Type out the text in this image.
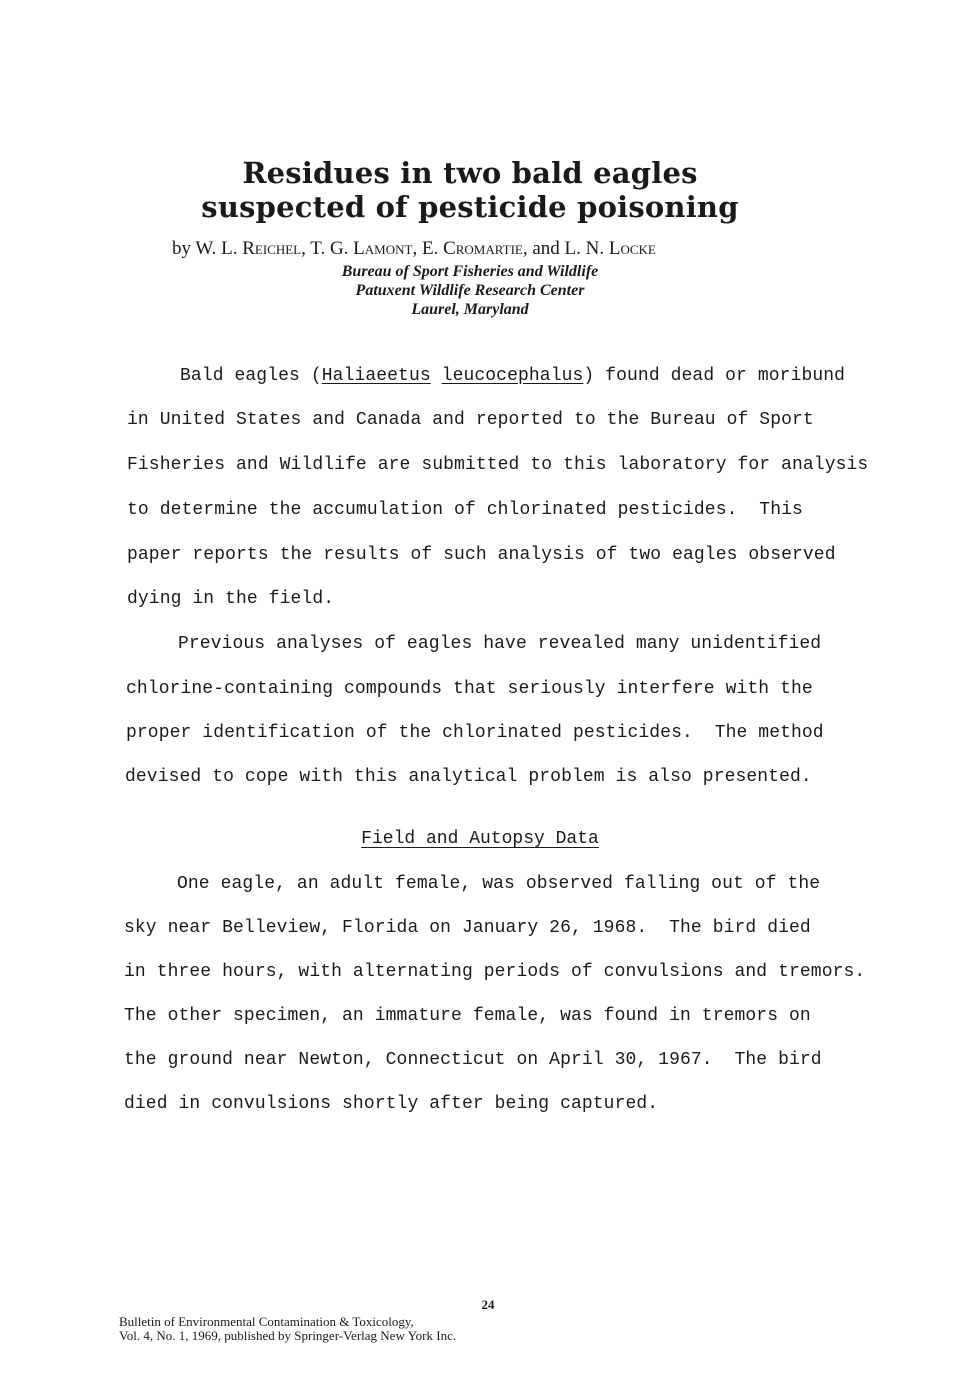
Residues in two bald eagles
suspected of pesticide poisoning
by W. L. Reichel, T. G. Lamont, E. Cromartie, and L. N. Locke
Bureau of Sport Fisheries and Wildlife
Patuxent Wildlife Research Center
Laurel, Maryland
Bald eagles (Haliaeetus leucocephalus) found dead or moribund
in United States and Canada and reported to the Bureau of Sport
Fisheries and Wildlife are submitted to this laboratory for analysis
to determine the accumulation of chlorinated pesticides.  This
paper reports the results of such analysis of two eagles observed
dying in the field.
Previous analyses of eagles have revealed many unidentified
chlorine-containing compounds that seriously interfere with the
proper identification of the chlorinated pesticides.  The method
devised to cope with this analytical problem is also presented.
Field and Autopsy Data
One eagle, an adult female, was observed falling out of the
sky near Belleview, Florida on January 26, 1968.  The bird died
in three hours, with alternating periods of convulsions and tremors.
The other specimen, an immature female, was found in tremors on
the ground near Newton, Connecticut on April 30, 1967.  The bird
died in convulsions shortly after being captured.
24
Bulletin of Environmental Contamination & Toxicology,
Vol. 4, No. 1, 1969, published by Springer-Verlag New York Inc.
